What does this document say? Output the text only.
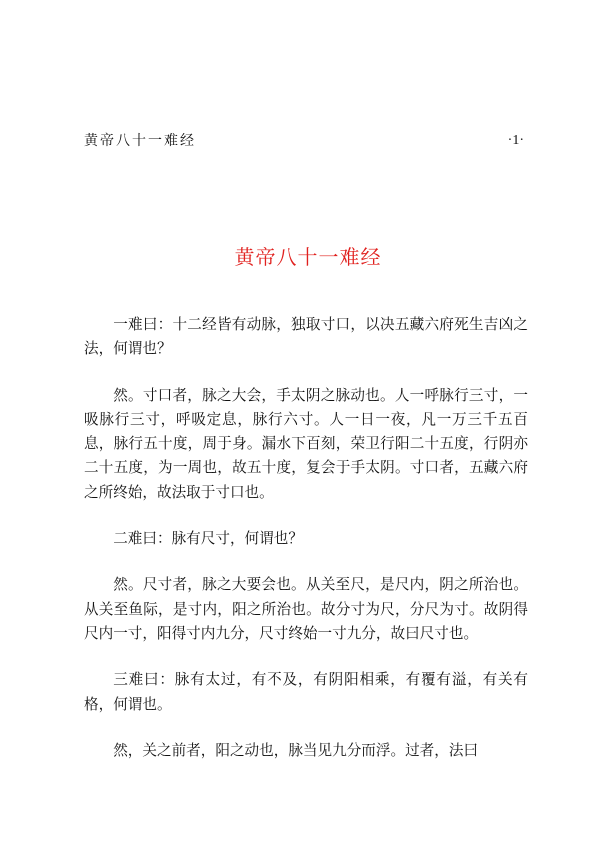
黄帝八十一难经	·1·
黄帝八十一难经

一难曰：十二经皆有动脉，独取寸口，以决五藏六府死生吉凶之法，何谓也？

然。寸口者，脉之大会，手太阴之脉动也。人一呼脉行三寸，一吸脉行三寸，呼吸定息，脉行六寸。人一日一夜，凡一万三千五百息，脉行五十度，周于身。漏水下百刻，荣卫行阳二十五度，行阴亦二十五度，为一周也，故五十度，复会于手太阴。寸口者，五藏六府之所终始，故法取于寸口也。

二难曰：脉有尺寸，何谓也？

然。尺寸者，脉之大要会也。从关至尺，是尺内，阴之所治也。从关至鱼际，是寸内，阳之所治也。故分寸为尺，分尺为寸。故阴得尺内一寸，阳得寸内九分，尺寸终始一寸九分，故曰尺寸也。

三难曰：脉有太过，有不及，有阴阳相乘，有覆有溢，有关有格，何谓也。

然，关之前者，阳之动也，脉当见九分而浮。过者，法曰
